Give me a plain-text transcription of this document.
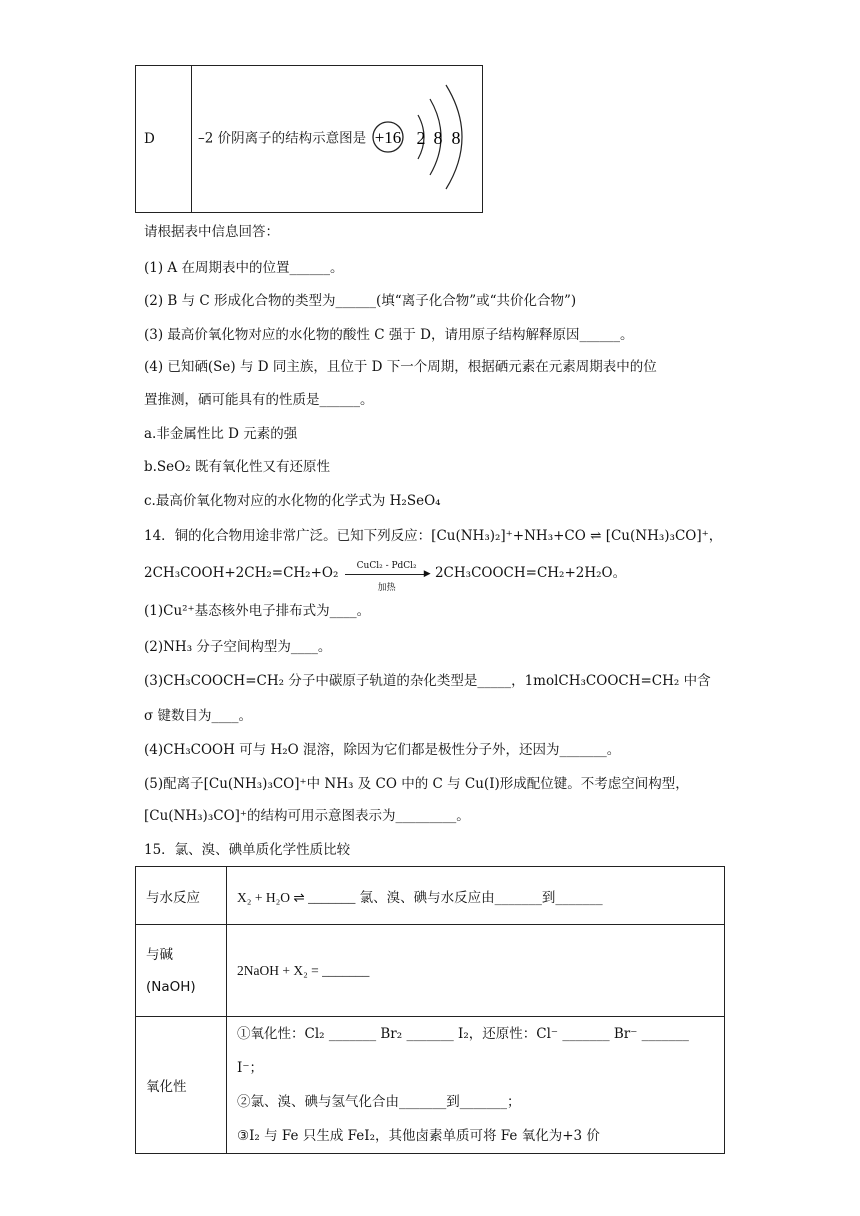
D	–2 价阴离子的结构示意图是 +16 2 8 8
请根据表中信息回答：
(1) A 在周期表中的位置______。
(2) B 与 C 形成化合物的类型为______(填“离子化合物”或“共价化合物”)
(3) 最高价氧化物对应的水化物的酸性 C 强于 D，请用原子结构解释原因______。
(4) 已知硒(Se) 与 D 同主族，且位于 D 下一个周期，根据硒元素在元素周期表中的位
置推测，硒可能具有的性质是______。
a.非金属性比 D 元素的强
b.SeO₂ 既有氧化性又有还原性
c.最高价氧化物对应的水化物的化学式为 H₂SeO₄
14．铜的化合物用途非常广泛。已知下列反应：[Cu(NH₃)₂]⁺+NH₃+CO ⇌ [Cu(NH₃)₃CO]⁺，
2CH₃COOH+2CH₂=CH₂+O₂	CuCl₂ - PdCl₂
▶
加热
2CH₃COOCH=CH₂+2H₂O。
(1)Cu²⁺基态核外电子排布式为____。
(2)NH₃ 分子空间构型为____。
(3)CH₃COOCH=CH₂ 分子中碳原子轨道的杂化类型是_____，1molCH₃COOCH=CH₂ 中含
σ 键数目为____。
(4)CH₃COOH 可与 H₂O 混溶，除因为它们都是极性分子外，还因为_______。
(5)配离子[Cu(NH₃)₃CO]⁺中 NH₃ 及 CO 中的 C 与 Cu(Ⅰ)形成配位键。不考虑空间构型，
[Cu(NH₃)₃CO]⁺的结构可用示意图表示为_________。
15．氯、溴、碘单质化学性质比较
与水反应	X₂ + H₂O ⇌ _______ 氯、溴、碘与水反应由_______到_______

与碱
(NaOH)	2NaOH + X₂ = _______
氧化性	①氧化性：Cl₂ _______ Br₂ _______ I₂，还原性：Cl⁻ _______ Br⁻ _______ I⁻；
②氯、溴、碘与氢气化合由_______到_______；
③I₂ 与 Fe 只生成 FeI₂，其他卤素单质可将 Fe 氧化为+3 价
